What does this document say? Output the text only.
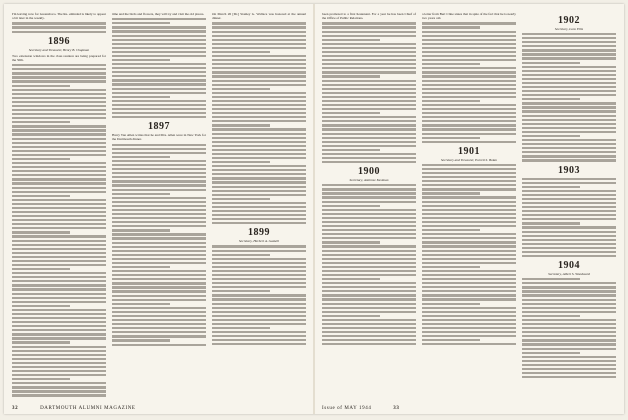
I'm leaving now for Greensboro. The Re- eminded is likely to appear a bit later in the weekly.

1896
Secretary and Treasurer, Henry B. Chapman

Two extension windows in the class reunion are being prepared for the 50th.

time and the birds and flowers, they will try and visit the old places.

1897

Harry Van Allen writes that he and Mrs. Allen were in New York for the Dartmouth dinner.

On March 26 [Dr.] Stanley G. Wallace was honored at the annual dinner.

1899
Secretary, Herbert A. Gaskell
32	DARTMOUTH ALUMNI MAGAZINE

been promoted to a first lieutenant. For a year he has been Chief of the Office of Public Relations.

1900
Secretary, Ambrose Eastman

a letter from Bert Cline states that in spite of the fact that he is nearly two years old.

1901
Secretary and Treasurer, Everett S. Bolan
1902
Secretary, Leon Ellis
1903
1904
Secretary, Albert S. Woodward
Issue of MAY 1944	33
